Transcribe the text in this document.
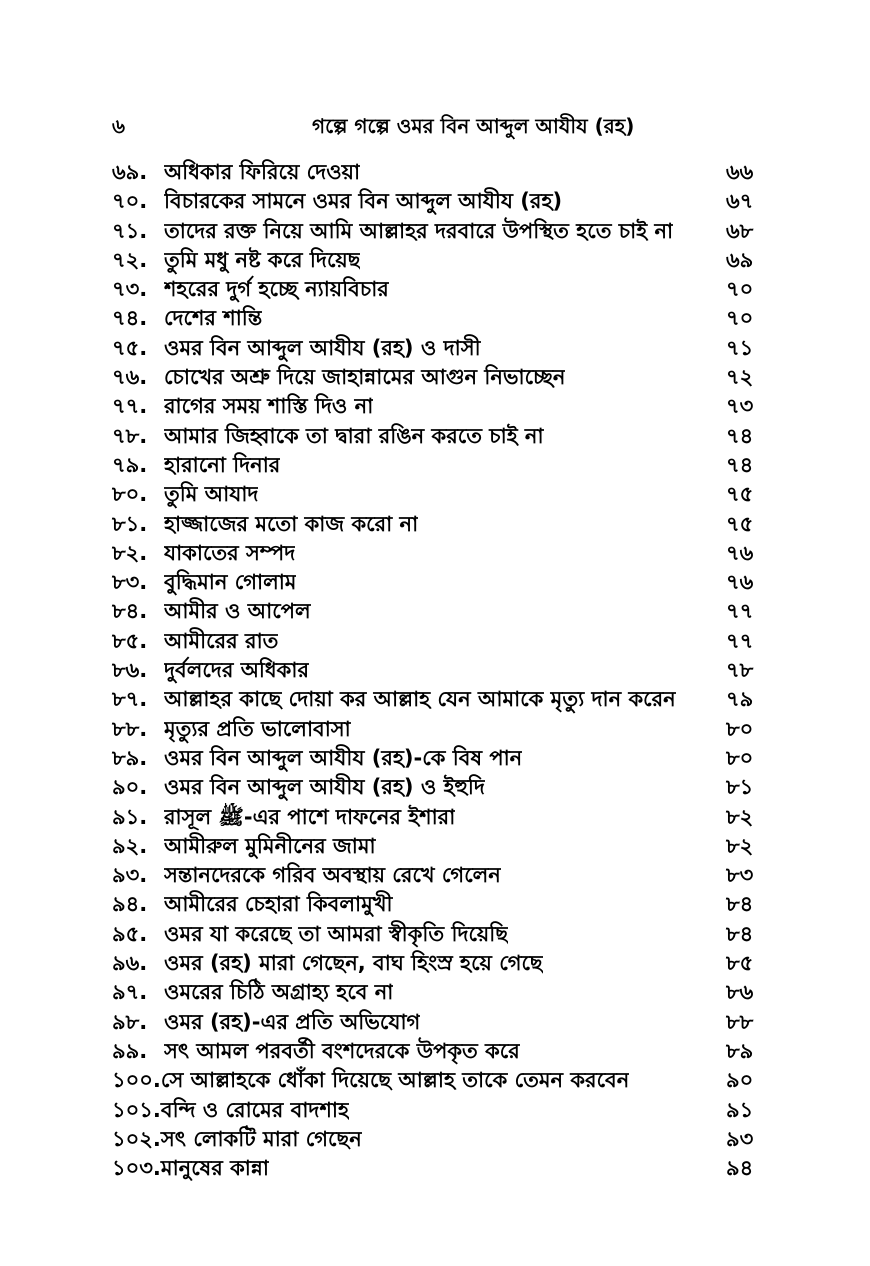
৬	গল্পে গল্পে ওমর বিন আব্দুল আযীয (রহ)
৬৯. অধিকার ফিরিয়ে দেওয়া	৬৬
৭০. বিচারকের সামনে ওমর বিন আব্দুল আযীয (রহ)	৬৭
৭১. তাদের রক্ত নিয়ে আমি আল্লাহর দরবারে উপস্থিত হতে চাই না	৬৮
৭২. তুমি মধু নষ্ট করে দিয়েছ	৬৯
৭৩. শহরের দুর্গ হচ্ছে ন্যায়বিচার	৭০
৭৪. দেশের শান্তি	৭০
৭৫. ওমর বিন আব্দুল আযীয (রহ) ও দাসী	৭১
৭৬. চোখের অশ্রু দিয়ে জাহান্নামের আগুন নিভাচ্ছেন	৭২
৭৭. রাগের সময় শাস্তি দিও না	৭৩
৭৮. আমার জিহ্বাকে তা দ্বারা রঙিন করতে চাই না	৭৪
৭৯. হারানো দিনার	৭৪
৮০. তুমি আযাদ	৭৫
৮১. হাজ্জাজের মতো কাজ করো না	৭৫
৮২. যাকাতের সম্পদ	৭৬
৮৩. বুদ্ধিমান গোলাম	৭৬
৮৪. আমীর ও আপেল	৭৭
৮৫. আমীরের রাত	৭৭
৮৬. দুর্বলদের অধিকার	৭৮
৮৭. আল্লাহর কাছে দোয়া কর আল্লাহ যেন আমাকে মৃত্যু দান করেন ৭৯
৮৮. মৃত্যুর প্রতি ভালোবাসা	৮০
৮৯. ওমর বিন আব্দুল আযীয (রহ)-কে বিষ পান	৮০
৯০. ওমর বিন আব্দুল আযীয (রহ) ও ইহুদি	৮১
৯১. রাসূল ﷺ-এর পাশে দাফনের ইশারা	৮২
৯২. আমীরুল মুমিনীনের জামা	৮২
৯৩. সন্তানদেরকে গরিব অবস্থায় রেখে গেলেন	৮৩
৯৪. আমীরের চেহারা কিবলামুখী	৮৪
৯৫. ওমর যা করেছে তা আমরা স্বীকৃতি দিয়েছি	৮৪
৯৬. ওমর (রহ) মারা গেছেন, বাঘ হিংস্র হয়ে গেছে	৮৫
৯৭. ওমরের চিঠি অগ্রাহ্য হবে না	৮৬
৯৮. ওমর (রহ)-এর প্রতি অভিযোগ	৮৮
৯৯. সৎ আমল পরবর্তী বংশদেরকে উপকৃত করে	৮৯
১০০.সে আল্লাহকে ধোঁকা দিয়েছে আল্লাহ তাকে তেমন করবেন	৯০
১০১.বন্দি ও রোমের বাদশাহ	৯১
১০২.সৎ লোকটি মারা গেছেন	৯৩
১০৩.মানুষের কান্না	৯৪
